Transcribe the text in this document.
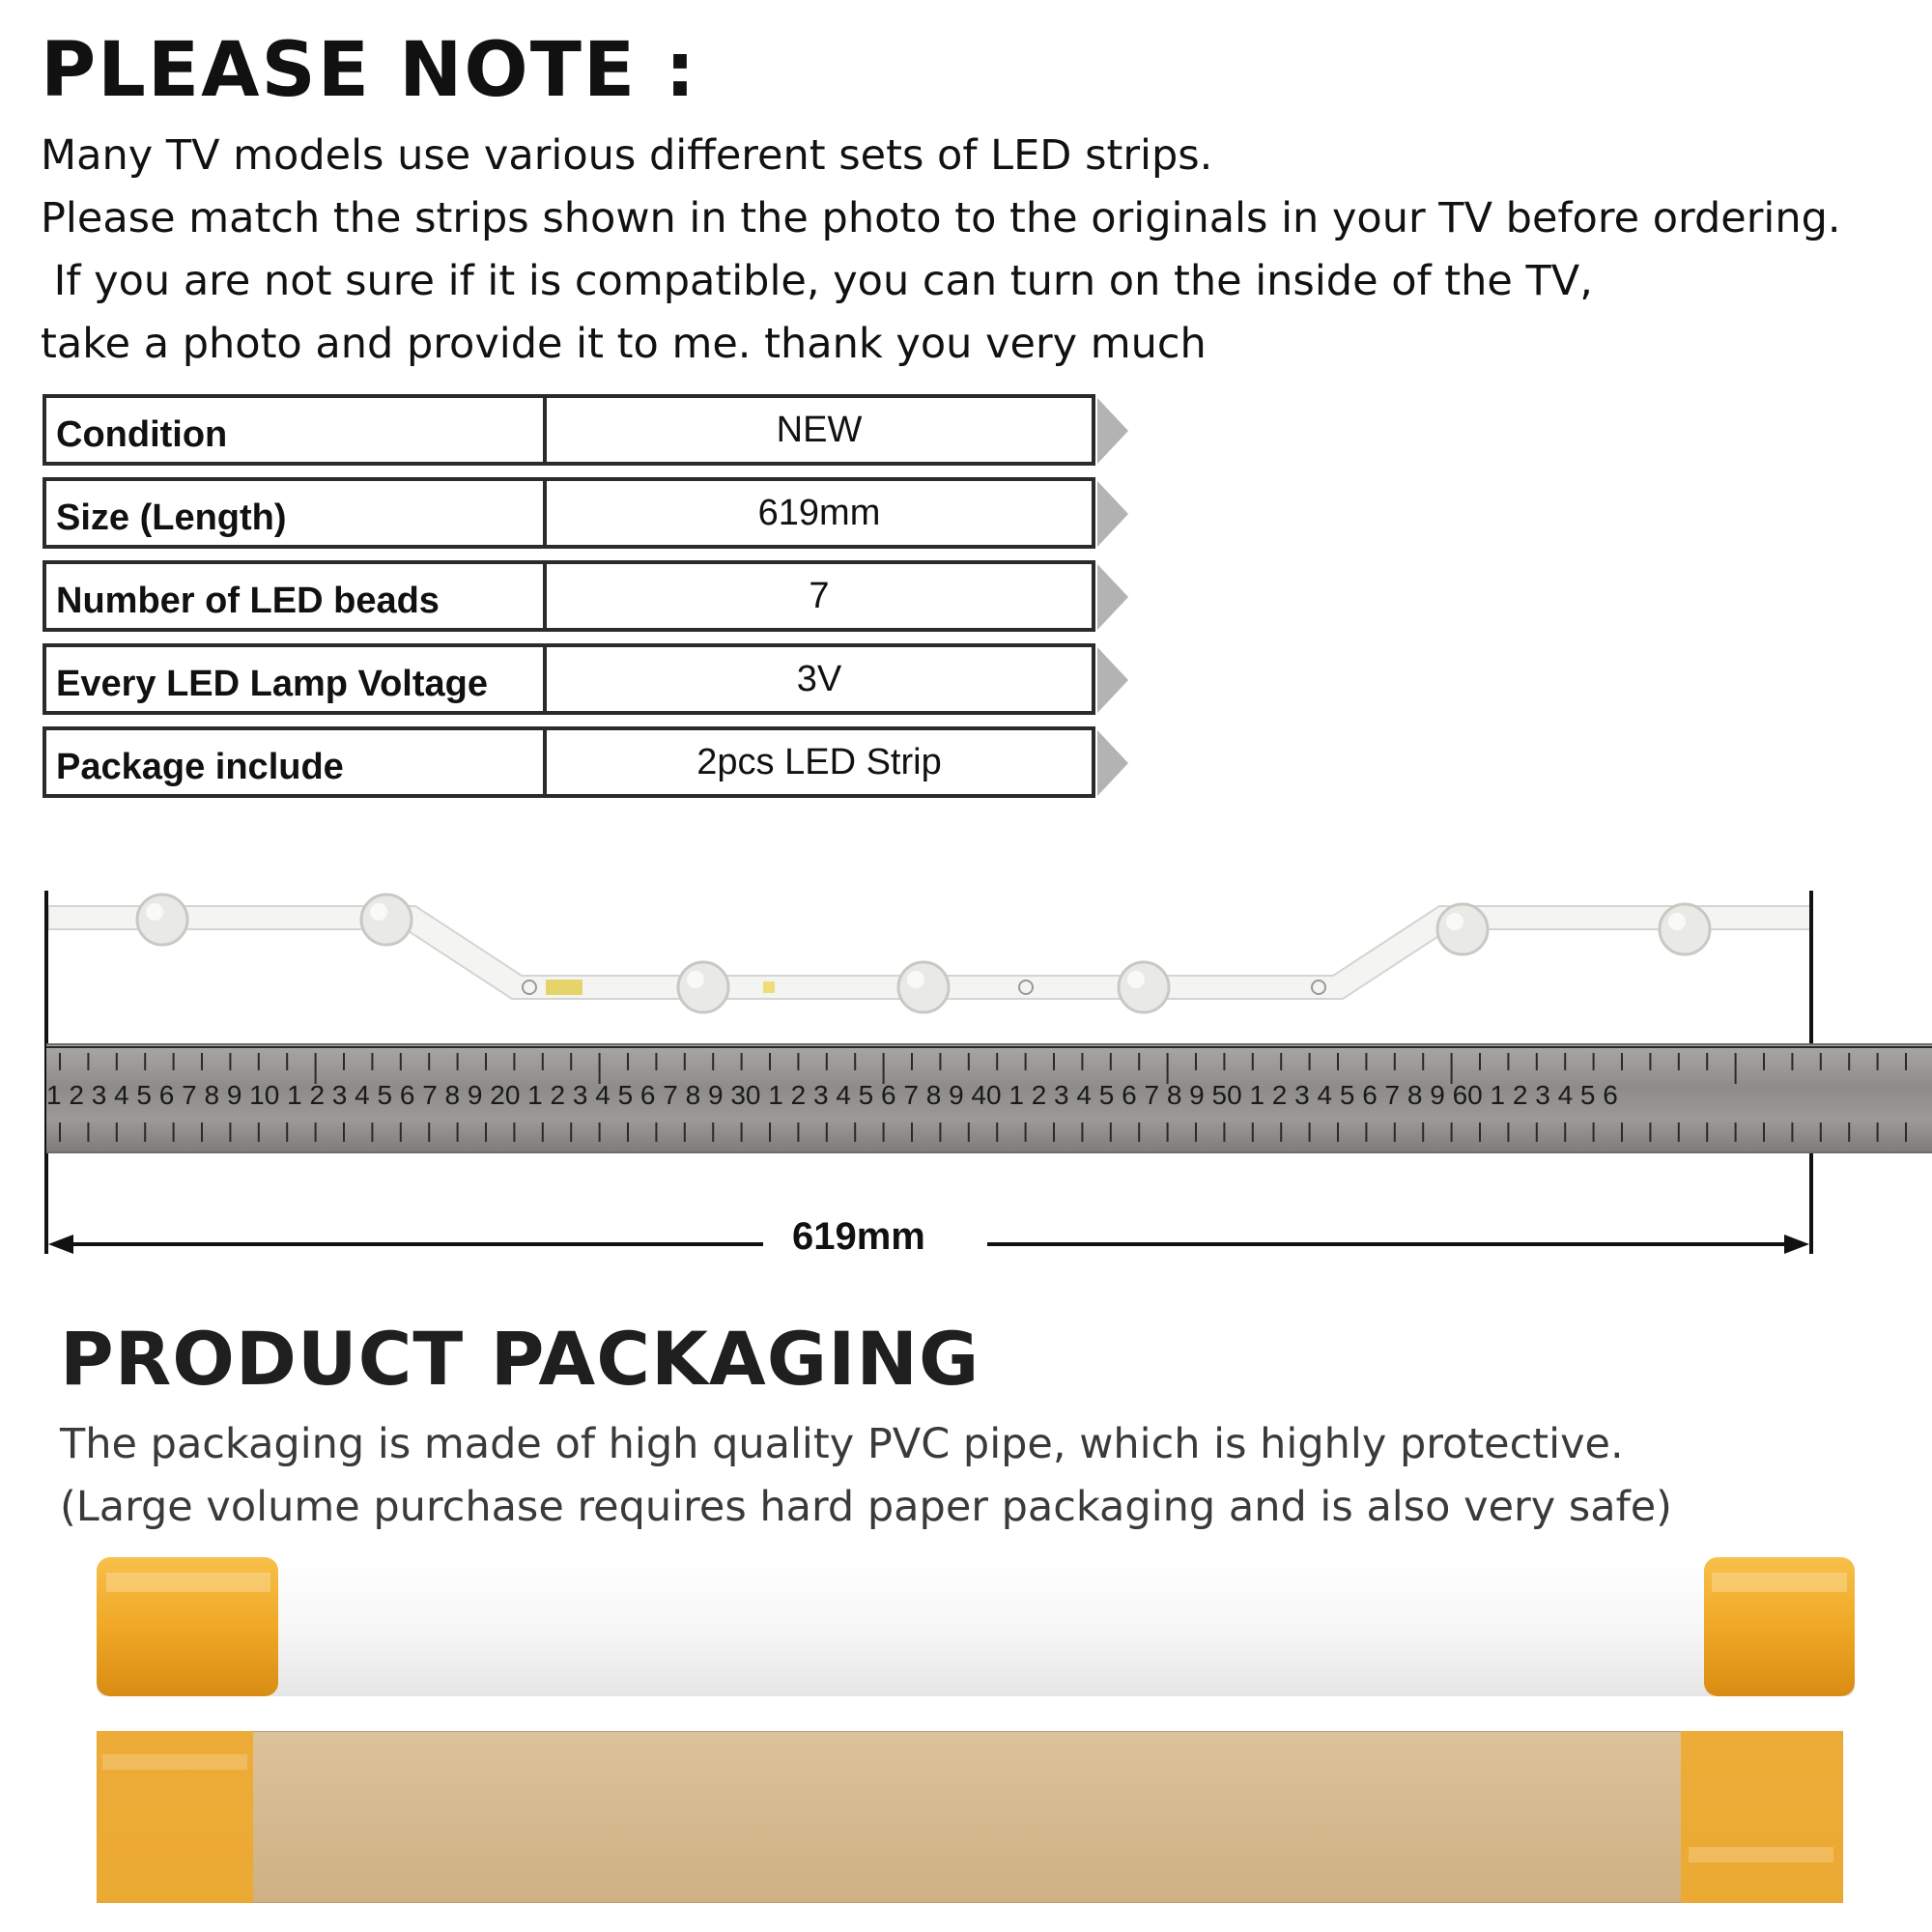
PLEASE NOTE :
Many TV models use various different sets of LED strips.
Please match the strips shown in the photo to the originals in your TV before ordering.
If you are not sure if it is compatible, you can turn on the inside of the TV,
take a photo and provide it to me. thank you very much
Condition	NEW
Size (Length)	619mm
Number of LED beads	7
Every LED Lamp Voltage	3V
Package include	2pcs LED Strip
1 2 3 4 5 6 7 8 9 10 1 2 3 4 5 6 7 8 9 20 1 2 3 4 5 6 7 8 9 30 1 2 3 4 5 6 7 8 9 40 1 2 3 4 5 6 7 8 9 50 1 2 3 4 5 6 7 8 9 60 1 2 3 4 5 6
619mm
PRODUCT PACKAGING
The packaging is made of high quality PVC pipe, which is highly protective.
(Large volume purchase requires hard paper packaging and is also very safe)
